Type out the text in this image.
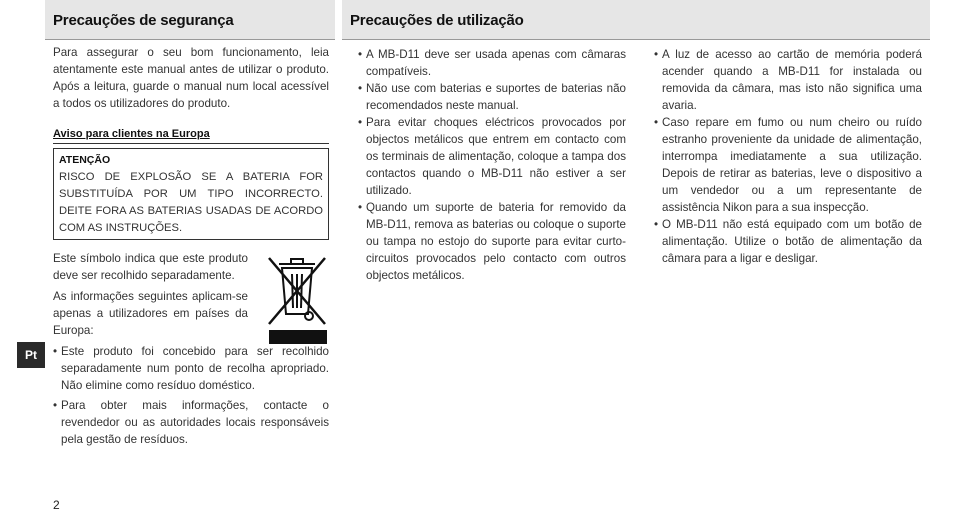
Precauções de segurança	Precauções de utilização

Para assegurar o seu bom funcionamento, leia atentamente este manual antes de utilizar o produto. Após a leitura, guarde o manual num local acessível a todos os utilizadores do produto.

Aviso para clientes na Europa
ATENÇÃO
RISCO DE EXPLOSÃO SE A BATERIA FOR SUBSTITUÍDA POR UM TIPO INCORRECTO. DEITE FORA AS BATERIAS USADAS DE ACORDO COM AS INSTRUÇÕES.

Este símbolo indica que este produto deve ser recolhido separadamente.

As informações seguintes aplicam-se apenas a utilizadores em países da Europa:

• Este produto foi concebido para ser recolhido separadamente num ponto de recolha apropriado. Não elimine como resíduo doméstico.
• Para obter mais informações, contacte o revendedor ou as autoridades locais responsáveis pela gestão de resíduos.
• A MB-D11 deve ser usada apenas com câmaras compatíveis.
• Não use com baterias e suportes de baterias não recomendados neste manual.
• Para evitar choques eléctricos provocados por objectos metálicos que entrem em contacto com os terminais de alimentação, coloque a tampa dos contactos quando o MB-D11 não estiver a ser utilizado.
• Quando um suporte de bateria for removido da MB-D11, remova as baterias ou coloque o suporte ou tampa no estojo do suporte para evitar curto-circuitos provocados pelo contacto com outros objectos metálicos.
• A luz de acesso ao cartão de memória poderá acender quando a MB-D11 for instalada ou removida da câmara, mas isto não significa uma avaria.
• Caso repare em fumo ou num cheiro ou ruído estranho proveniente da unidade de alimentação, interrompa imediatamente a sua utilização. Depois de retirar as baterias, leve o dispositivo a um vendedor ou a um representante de assistência Nikon para a sua inspecção.
• O MB-D11 não está equipado com um botão de alimentação. Utilize o botão de alimentação da câmara para a ligar e desligar.
Pt
2
